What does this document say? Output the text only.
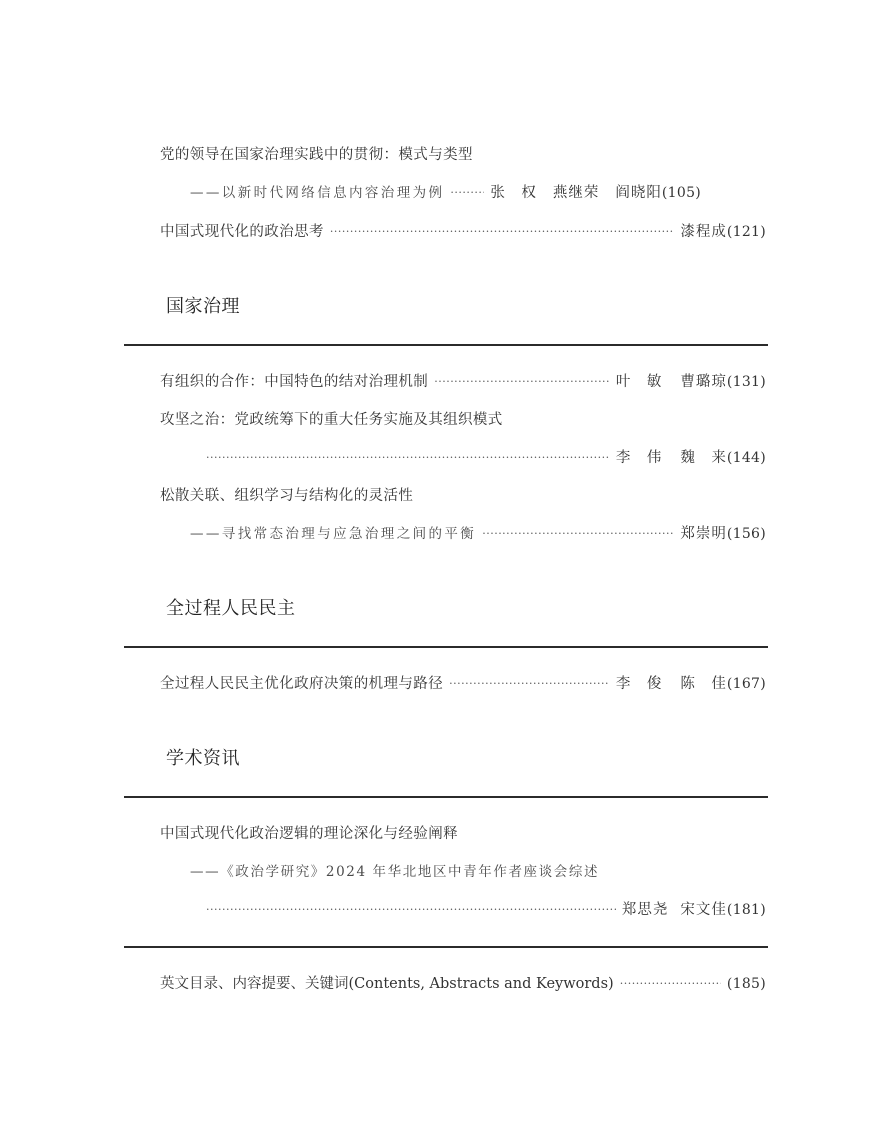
党的领导在国家治理实践中的贯彻：模式与类型
——以新时代网络信息内容治理为例 ·····	张　权 燕继荣 阎晓阳 (105)
中国式现代化的政治思考 ·····	漆程成 (121)
国家治理
有组织的合作：中国特色的结对治理机制 ·····	叶　敏 曹璐琼 (131)
攻坚之治：党政统筹下的重大任务实施及其组织模式
·····
李　伟 魏　来 (144)
松散关联、组织学习与结构化的灵活性
——寻找常态治理与应急治理之间的平衡 ·····	郑崇明 (156)
全过程人民民主
全过程人民民主优化政府决策的机理与路径 ·····	李　俊 陈　佳 (167)
学术资讯
中国式现代化政治逻辑的理论深化与经验阐释
——《政治学研究》2024 年华北地区中青年作者座谈会综述
·····
郑思尧 宋文佳 (181)
英文目录、内容提要、关键词(Contents, Abstracts and Keywords) ·····	(185)
